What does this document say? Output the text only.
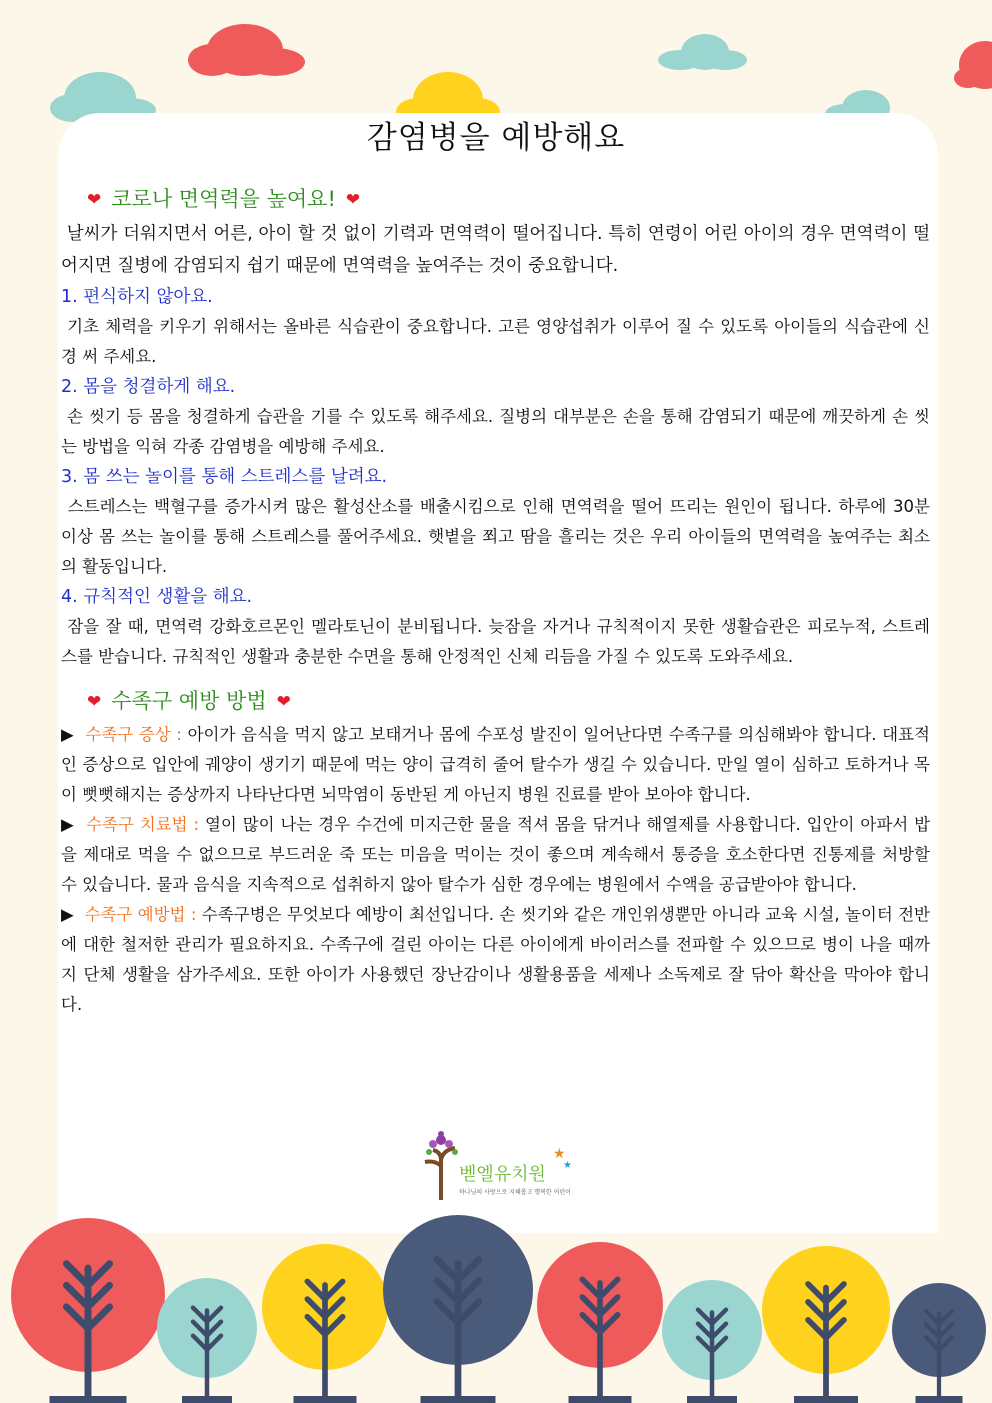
감염병을 예방해요
❤ 코로나 면역력을 높여요! ❤

날씨가 더워지면서 어른, 아이 할 것 없이 기력과 면역력이 떨어집니다. 특히 연령이 어린 아이의 경우 면역력이 떨어지면 질병에 감염되지 쉽기 때문에 면역력을 높여주는 것이 중요합니다.

1. 편식하지 않아요.

기초 체력을 키우기 위해서는 올바른 식습관이 중요합니다. 고른 영양섭취가 이루어 질 수 있도록 아이들의 식습관에 신경 써 주세요.

2. 몸을 청결하게 해요.

손 씻기 등 몸을 청결하게 습관을 기를 수 있도록 해주세요. 질병의 대부분은 손을 통해 감염되기 때문에 깨끗하게 손 씻는 방법을 익혀 각종 감염병을 예방해 주세요.

3. 몸 쓰는 놀이를 통해 스트레스를 날려요.

스트레스는 백혈구를 증가시켜 많은 활성산소를 배출시킴으로 인해 면역력을 떨어 뜨리는 원인이 됩니다. 하루에 30분 이상 몸 쓰는 놀이를 통해 스트레스를 풀어주세요. 햇볕을 쬐고 땀을 흘리는 것은 우리 아이들의 면역력을 높여주는 최소의 활동입니다.

4. 규칙적인 생활을 해요.

잠을 잘 때, 면역력 강화호르몬인 멜라토닌이 분비됩니다. 늦잠을 자거나 규칙적이지 못한 생활습관은 피로누적, 스트레스를 받습니다. 규칙적인 생활과 충분한 수면을 통해 안정적인 신체 리듬을 가질 수 있도록 도와주세요.

❤ 수족구 예방 방법 ❤

▶ 수족구 증상 : 아이가 음식을 먹지 않고 보태거나 몸에 수포성 발진이 일어난다면 수족구를 의심해봐야 합니다. 대표적인 증상으로 입안에 궤양이 생기기 때문에 먹는 양이 급격히 줄어 탈수가 생길 수 있습니다. 만일 열이 심하고 토하거나 목이 뻣뻣해지는 증상까지 나타난다면 뇌막염이 동반된 게 아닌지 병원 진료를 받아 보아야 합니다.

▶ 수족구 치료법 : 열이 많이 나는 경우 수건에 미지근한 물을 적셔 몸을 닦거나 해열제를 사용합니다. 입안이 아파서 밥을 제대로 먹을 수 없으므로 부드러운 죽 또는 미음을 먹이는 것이 좋으며 계속해서 통증을 호소한다면 진통제를 처방할 수 있습니다. 물과 음식을 지속적으로 섭취하지 않아 탈수가 심한 경우에는 병원에서 수액을 공급받아야 합니다.

▶ 수족구 예방법 : 수족구병은 무엇보다 예방이 최선입니다. 손 씻기와 같은 개인위생뿐만 아니라 교육 시설, 놀이터 전반에 대한 철저한 관리가 필요하지요. 수족구에 걸린 아이는 다른 아이에게 바이러스를 전파할 수 있으므로 병이 나을 때까지 단체 생활을 삼가주세요. 또한 아이가 사용했던 장난감이나 생활용품을 세제나 소독제로 잘 닦아 확산을 막아야 합니다.

벧엘유치원
하나님의 사랑으로 지혜롭고 행복한 어린이
★
★
